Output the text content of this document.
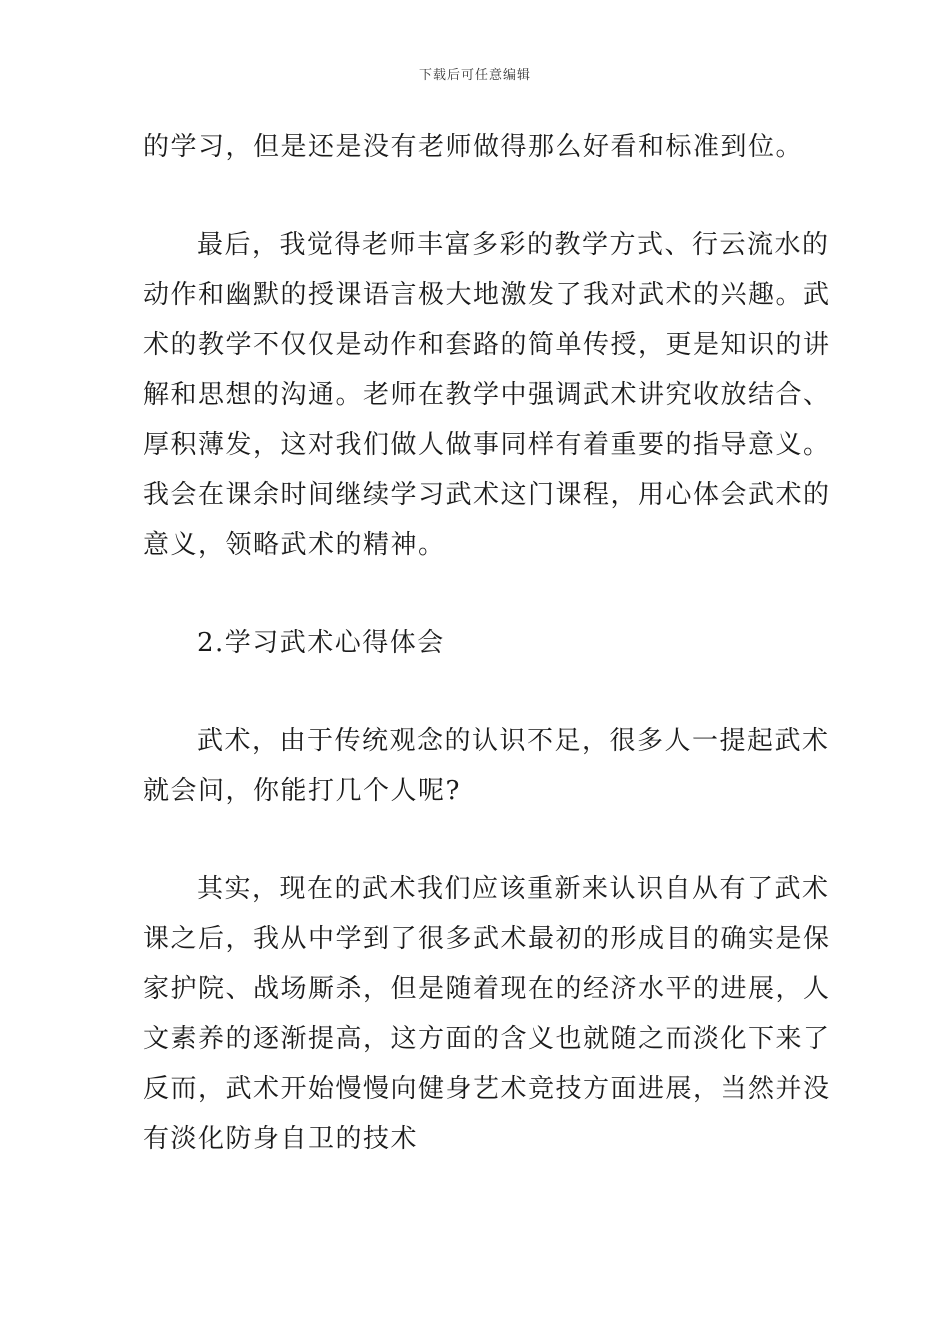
下载后可任意编辑
的学习，但是还是没有老师做得那么好看和标准到位。
最后，我觉得老师丰富多彩的教学方式、行云流水的
动作和幽默的授课语言极大地激发了我对武术的兴趣。武
术的教学不仅仅是动作和套路的简单传授，更是知识的讲
解和思想的沟通。老师在教学中强调武术讲究收放结合、
厚积薄发，这对我们做人做事同样有着重要的指导意义。
我会在课余时间继续学习武术这门课程，用心体会武术的
意义，领略武术的精神。
2.学习武术心得体会
武术，由于传统观念的认识不足，很多人一提起武术
就会问，你能打几个人呢?
其实，现在的武术我们应该重新来认识自从有了武术
课之后，我从中学到了很多武术最初的形成目的确实是保
家护院、战场厮杀，但是随着现在的经济水平的进展，人
文素养的逐渐提高，这方面的含义也就随之而淡化下来了
反而，武术开始慢慢向健身艺术竞技方面进展，当然并没
有淡化防身自卫的技术
